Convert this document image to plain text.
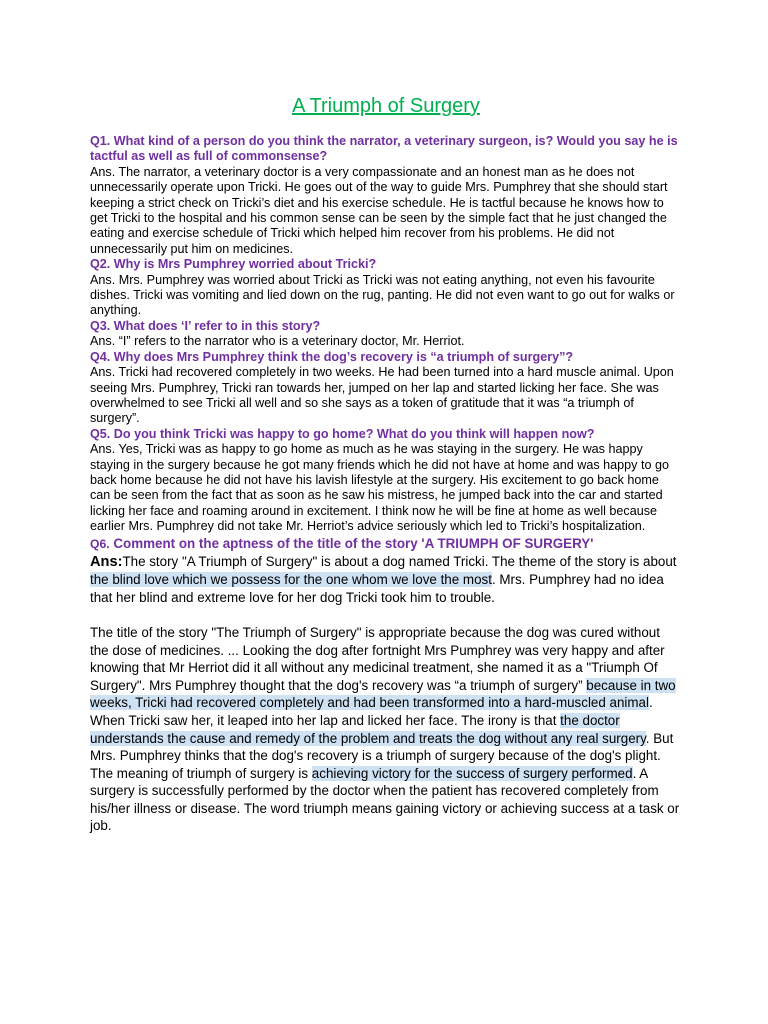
A Triumph of Surgery

Q1. What kind of a person do you think the narrator, a veterinary surgeon, is? Would you say he is tactful as well as full of commonsense?

Ans. The narrator, a veterinary doctor is a very compassionate and an honest man as he does not unnecessarily operate upon Tricki. He goes out of the way to guide Mrs. Pumphrey that she should start keeping a strict check on Tricki’s diet and his exercise schedule. He is tactful because he knows how to get Tricki to the hospital and his common sense can be seen by the simple fact that he just changed the eating and exercise schedule of Tricki which helped him recover from his problems. He did not unnecessarily put him on medicines.

Q2. Why is Mrs Pumphrey worried about Tricki?

Ans. Mrs. Pumphrey was worried about Tricki as Tricki was not eating anything, not even his favourite dishes. Tricki was vomiting and lied down on the rug, panting. He did not even want to go out for walks or anything.

Q3. What does ‘I’ refer to in this story?

Ans. “I” refers to the narrator who is a veterinary doctor, Mr. Herriot.

Q4. Why does Mrs Pumphrey think the dog’s recovery is “a triumph of surgery”?

Ans. Tricki had recovered completely in two weeks. He had been turned into a hard muscle animal. Upon seeing Mrs. Pumphrey, Tricki ran towards her, jumped on her lap and started licking her face. She was overwhelmed to see Tricki all well and so she says as a token of gratitude that it was “a triumph of surgery”.

Q5. Do you think Tricki was happy to go home? What do you think will happen now?

Ans. Yes, Tricki was as happy to go home as much as he was staying in the surgery. He was happy staying in the surgery because he got many friends which he did not have at home and was happy to go back home because he did not have his lavish lifestyle at the surgery. His excitement to go back home can be seen from the fact that as soon as he saw his mistress, he jumped back into the car and started licking her face and roaming around in excitement. I think now he will be fine at home as well because earlier Mrs. Pumphrey did not take Mr. Herriot’s advice seriously which led to Tricki’s hospitalization.

Q6. Comment on the aptness of the title of the story 'A TRIUMPH OF SURGERY'

Ans:The story "A Triumph of Surgery" is about a dog named Tricki. The theme of the story is about the blind love which we possess for the one whom we love the most. Mrs. Pumphrey had no idea that her blind and extreme love for her dog Tricki took him to trouble.

The title of the story "The Triumph of Surgery" is appropriate because the dog was cured without the dose of medicines. ... Looking the dog after fortnight Mrs Pumphrey was very happy and after knowing that Mr Herriot did it all without any medicinal treatment, she named it as a "Triumph Of Surgery". Mrs Pumphrey thought that the dog's recovery was “a triumph of surgery” because in two weeks, Tricki had recovered completely and had been transformed into a hard-muscled animal. When Tricki saw her, it leaped into her lap and licked her face. The irony is that the doctor understands the cause and remedy of the problem and treats the dog without any real surgery. But Mrs. Pumphrey thinks that the dog's recovery is a triumph of surgery because of the dog's plight. The meaning of triumph of surgery is achieving victory for the success of surgery performed. A surgery is successfully performed by the doctor when the patient has recovered completely from his/her illness or disease. The word triumph means gaining victory or achieving success at a task or job.
